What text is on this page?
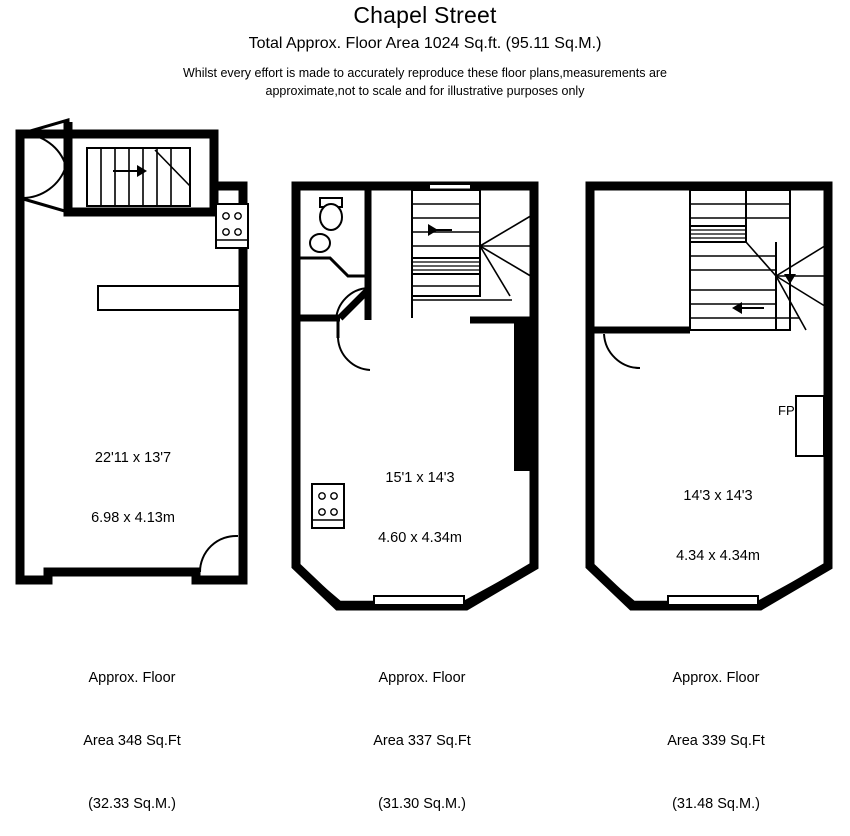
Chapel Street
Total Approx. Floor Area 1024 Sq.ft. (95.11 Sq.M.)
Whilst every effort is made to accurately reproduce these floor plans,measurements are
approximate,not to scale and for illustrative purposes only

22'11 x 13'7

6.98 x 4.13m

Approx. Floor

Area 348 Sq.Ft

(32.33 Sq.M.)

15'1 x 14'3

4.60 x 4.34m

Approx. Floor

Area 337 Sq.Ft

(31.30 Sq.M.)

14'3 x 14'3

4.34 x 4.34m

FP

Approx. Floor

Area 339 Sq.Ft

(31.48 Sq.M.)
